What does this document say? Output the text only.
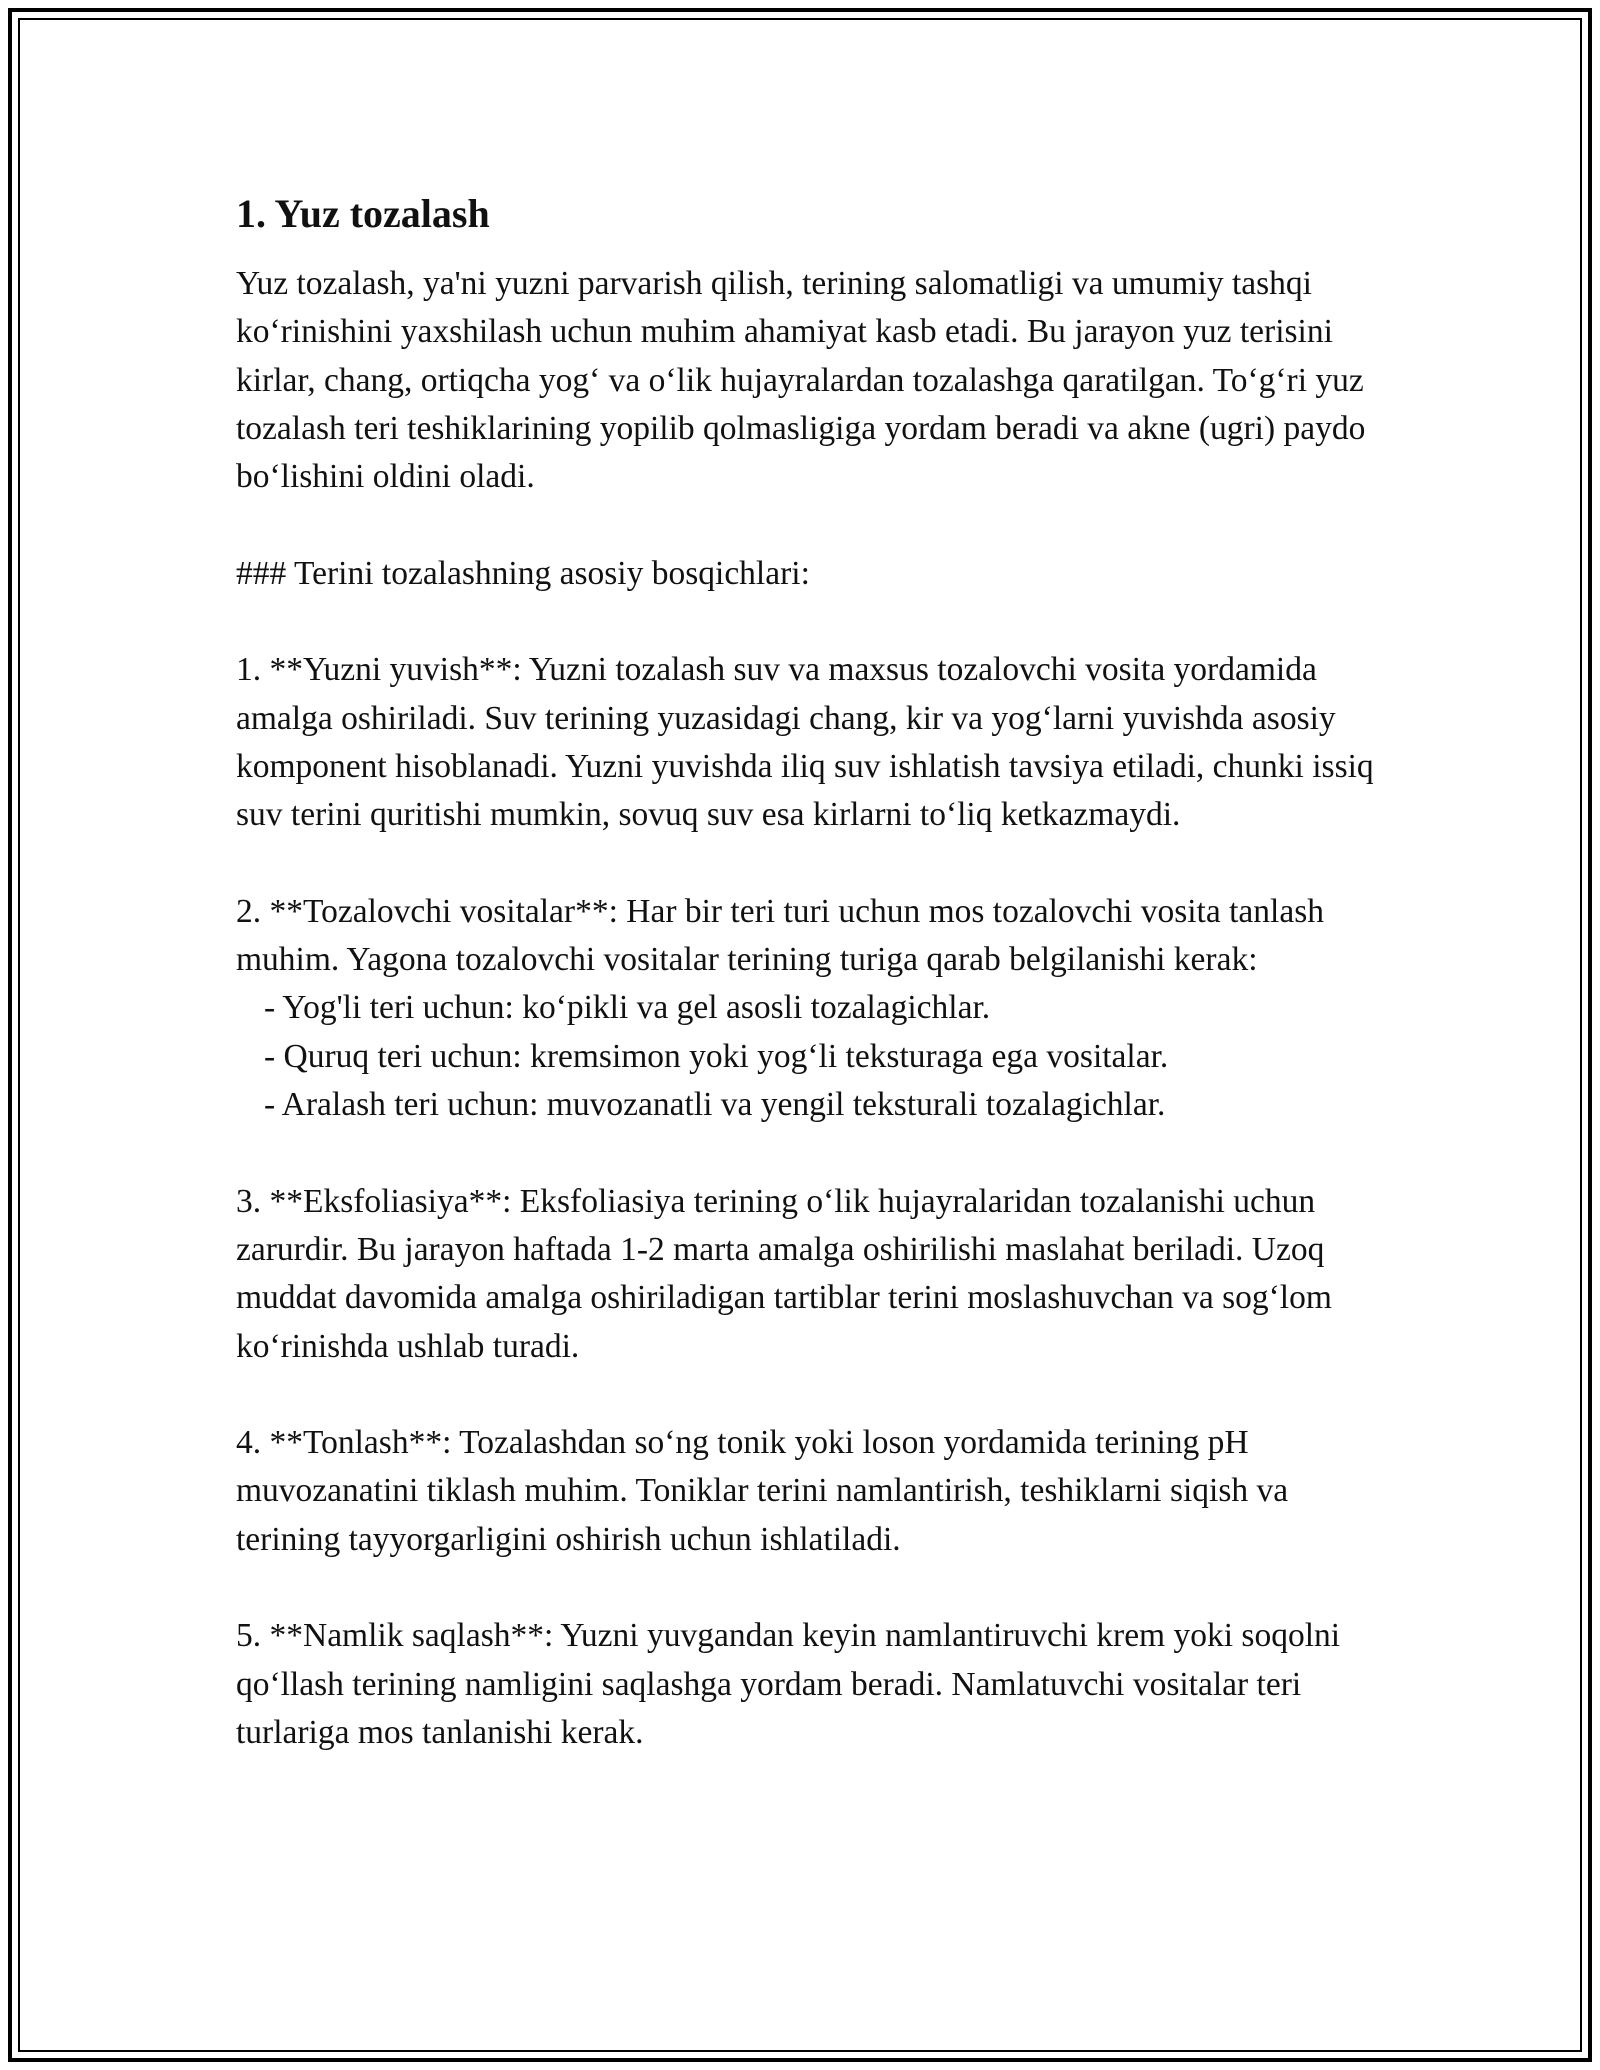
1. Yuz tozalash

Yuz tozalash, ya'ni yuzni parvarish qilish, terining salomatligi va umumiy tashqi ko‘rinishini yaxshilash uchun muhim ahamiyat kasb etadi. Bu jarayon yuz terisini kirlar, chang, ortiqcha yog‘ va o‘lik hujayralardan tozalashga qaratilgan. To‘g‘ri yuz tozalash teri teshiklarining yopilib qolmasligiga yordam beradi va akne (ugri) paydo bo‘lishini oldini oladi.

### Terini tozalashning asosiy bosqichlari:

1. **Yuzni yuvish**: Yuzni tozalash suv va maxsus tozalovchi vosita yordamida amalga oshiriladi. Suv terining yuzasidagi chang, kir va yog‘larni yuvishda asosiy komponent hisoblanadi. Yuzni yuvishda iliq suv ishlatish tavsiya etiladi, chunki issiq suv terini quritishi mumkin, sovuq suv esa kirlarni to‘liq ketkazmaydi.

2. **Tozalovchi vositalar**: Har bir teri turi uchun mos tozalovchi vosita tanlash muhim. Yagona tozalovchi vositalar terining turiga qarab belgilanishi kerak:

- Yog'li teri uchun: ko‘pikli va gel asosli tozalagichlar.
- Quruq teri uchun: kremsimon yoki yog‘li teksturaga ega vositalar.
- Aralash teri uchun: muvozanatli va yengil teksturali tozalagichlar.

3. **Eksfoliasiya**: Eksfoliasiya terining o‘lik hujayralaridan tozalanishi uchun zarurdir. Bu jarayon haftada 1-2 marta amalga oshirilishi maslahat beriladi. Uzoq muddat davomida amalga oshiriladigan tartiblar terini moslashuvchan va sog‘lom ko‘rinishda ushlab turadi.

4. **Tonlash**: Tozalashdan so‘ng tonik yoki loson yordamida terining pH muvozanatini tiklash muhim. Toniklar terini namlantirish, teshiklarni siqish va terining tayyorgarligini oshirish uchun ishlatiladi.

5. **Namlik saqlash**: Yuzni yuvgandan keyin namlantiruvchi krem yoki soqolni qo‘llash terining namligini saqlashga yordam beradi. Namlatuvchi vositalar teri turlariga mos tanlanishi kerak.
